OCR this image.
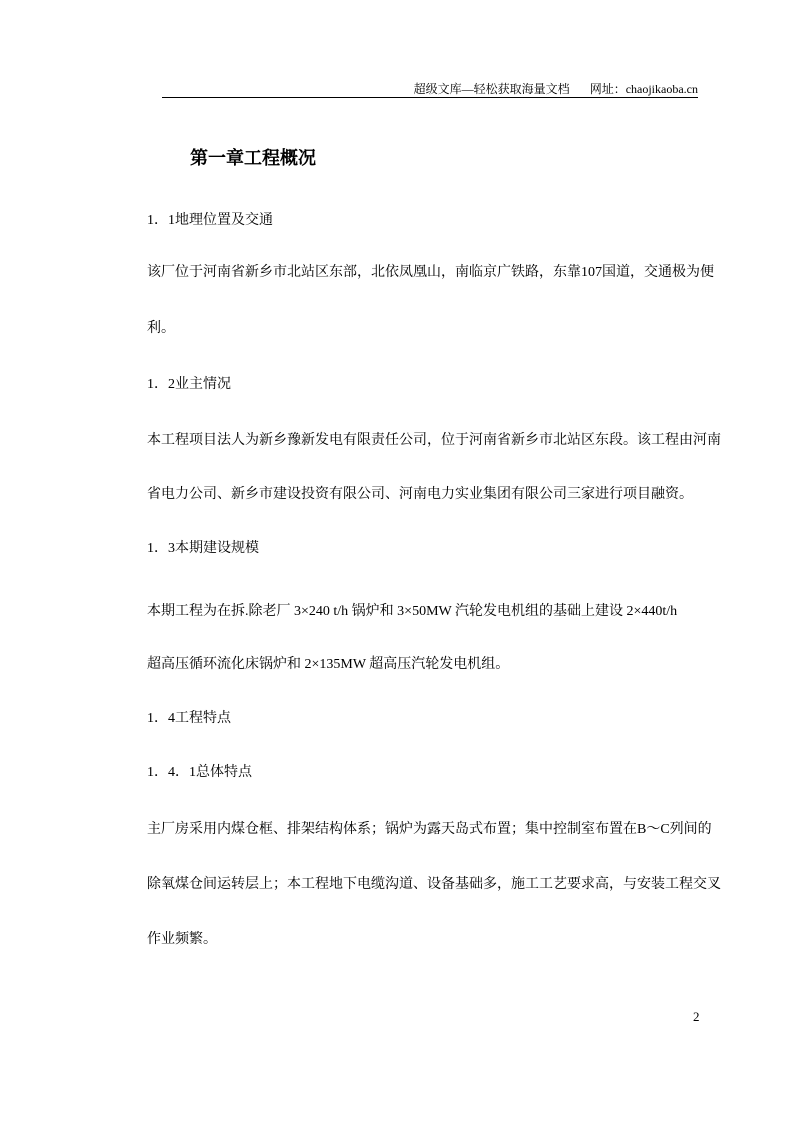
超级文库—轻松获取海量文档 网址：chaojikaoba.cn
第一章工程概况
1．1地理位置及交通
该厂位于河南省新乡市北站区东部，北依凤凰山，南临京广铁路，东靠107国道，交通极为便
利。
1．2业主情况
本工程项目法人为新乡豫新发电有限责任公司，位于河南省新乡市北站区东段。该工程由河南
省电力公司、新乡市建设投资有限公司、河南电力实业集团有限公司三家进行项目融资。
1．3本期建设规模
本期工程为在拆.除老厂 3×240 t/h 锅炉和 3×50MW 汽轮发电机组的基础上建设 2×440t/h
超高压循环流化床锅炉和 2×135MW 超高压汽轮发电机组。
1．4工程特点
1．4．1总体特点
主厂房采用内煤仓框、排架结构体系；锅炉为露天岛式布置；集中控制室布置在B～C列间的
除氧煤仓间运转层上；本工程地下电缆沟道、设备基础多，施工工艺要求高，与安装工程交叉
作业频繁。
2
